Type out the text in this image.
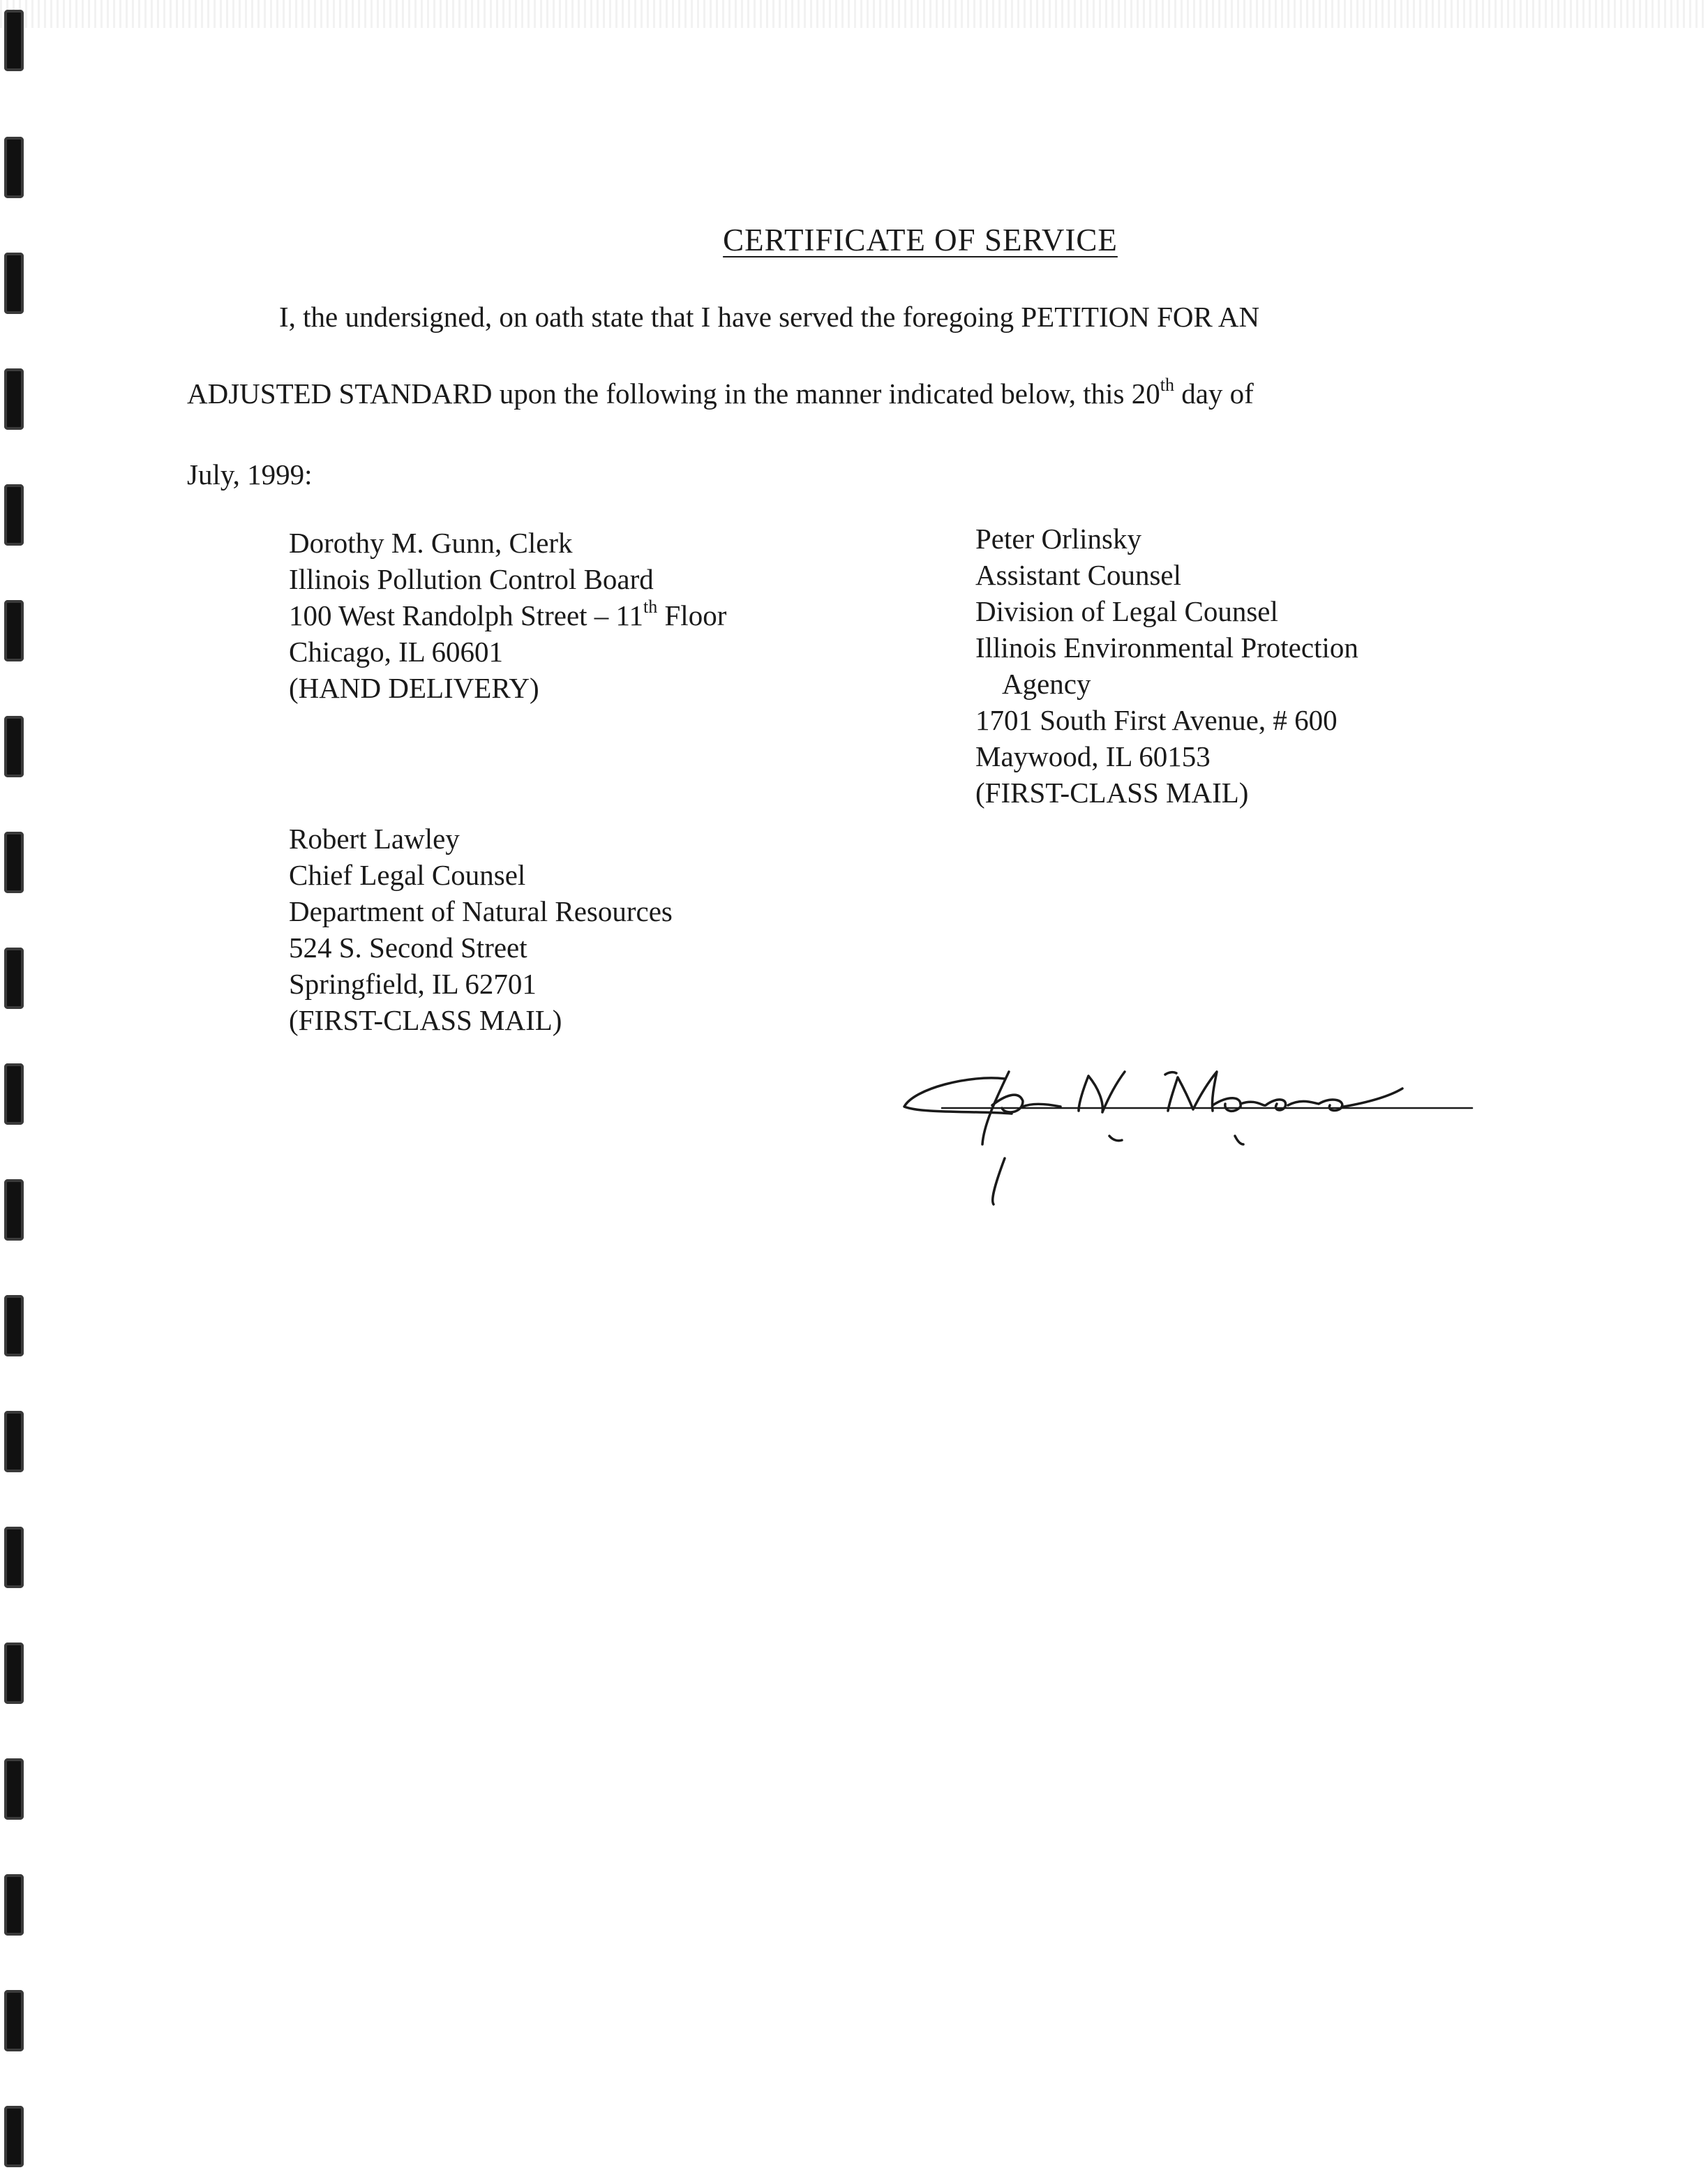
CERTIFICATE OF SERVICE
I, the undersigned, on oath state that I have served the foregoing PETITION FOR AN
ADJUSTED STANDARD upon the following in the manner indicated below, this 20th day of
July, 1999:
Dorothy M. Gunn, Clerk
Illinois Pollution Control Board
100 West Randolph Street – 11th Floor
Chicago, IL 60601
(HAND DELIVERY)
Peter Orlinsky
Assistant Counsel
Division of Legal Counsel
Illinois Environmental Protection
Agency
1701 South First Avenue, # 600
Maywood, IL 60153
(FIRST-CLASS MAIL)
Robert Lawley
Chief Legal Counsel
Department of Natural Resources
524 S. Second Street
Springfield, IL 62701
(FIRST-CLASS MAIL)
